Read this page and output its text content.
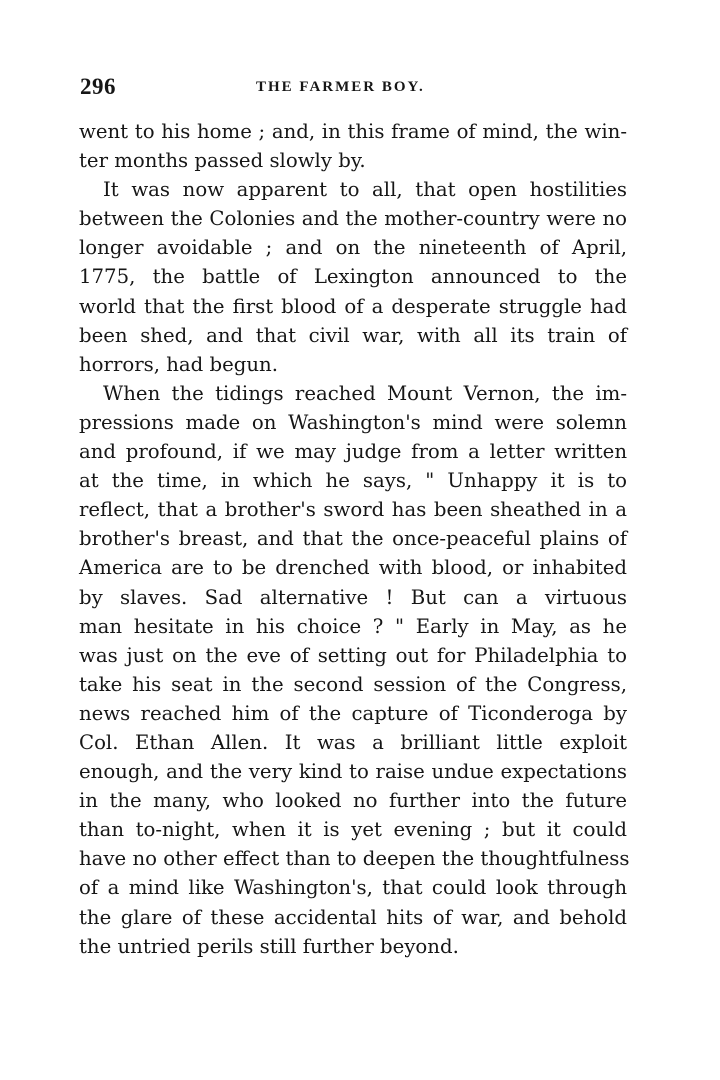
296	THE FARMER BOY.
went to his home ; and, in this frame of mind, the win-
ter months passed slowly by.
It was now apparent to all, that open hostilities
between the Colonies and the mother-country were no
longer avoidable ; and on the nineteenth of April,
1775, the battle of Lexington announced to the
world that the first blood of a desperate struggle had
been shed, and that civil war, with all its train of
horrors, had begun.
When the tidings reached Mount Vernon, the im-
pressions made on Washington's mind were solemn
and profound, if we may judge from a letter written
at the time, in which he says, " Unhappy it is to
reflect, that a brother's sword has been sheathed in a
brother's breast, and that the once-peaceful plains of
America are to be drenched with blood, or inhabited
by slaves. Sad alternative ! But can a virtuous
man hesitate in his choice ? " Early in May, as he
was just on the eve of setting out for Philadelphia to
take his seat in the second session of the Congress,
news reached him of the capture of Ticonderoga by
Col. Ethan Allen. It was a brilliant little exploit
enough, and the very kind to raise undue expectations
in the many, who looked no further into the future
than to-night, when it is yet evening ; but it could
have no other effect than to deepen the thoughtfulness
of a mind like Washington's, that could look through
the glare of these accidental hits of war, and behold
the untried perils still further beyond.
